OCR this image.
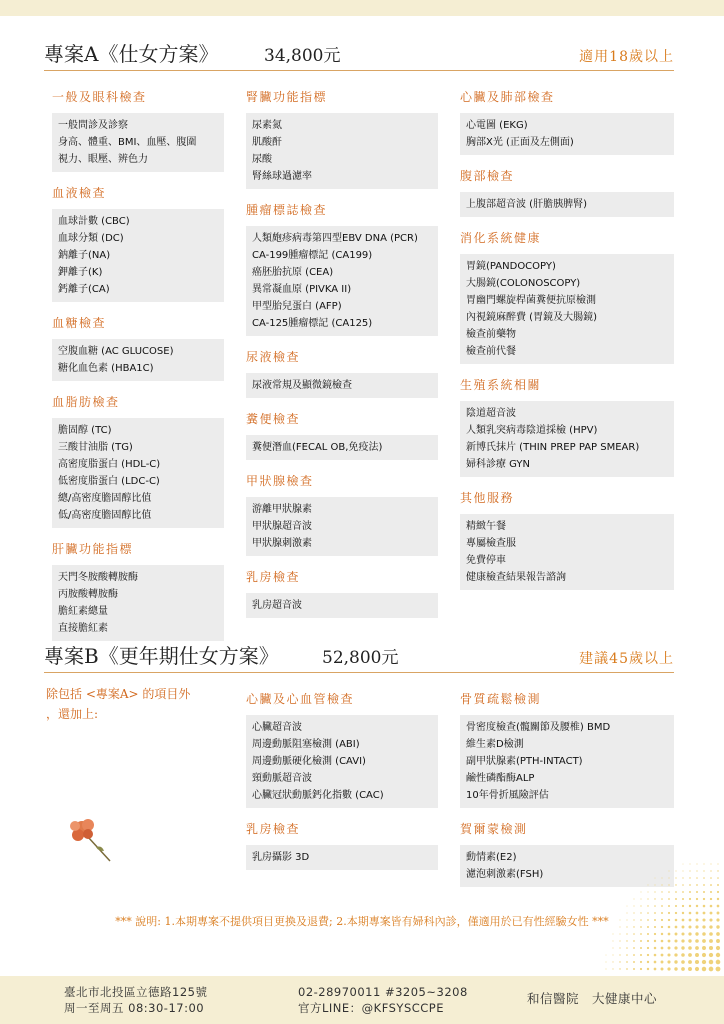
專案A《仕女方案》	34,800元	適用18歲以上
一般及眼科檢查
一般問診及診察
身高、體重、BMI、血壓、腹圍
視力、眼壓、辨色力
血液檢查
血球計數 (CBC)
血球分類 (DC)
鈉離子(NA)
鉀離子(K)
鈣離子(CA)
血糖檢查
空腹血糖 (AC GLUCOSE)
糖化血色素 (HBA1C)
血脂肪檢查
膽固醇 (TC)
三酸甘油脂 (TG)
高密度脂蛋白 (HDL-C)
低密度脂蛋白 (LDC-C)
總/高密度膽固醇比值
低/高密度膽固醇比值
肝臟功能指標
天門冬胺酸轉胺酶
丙胺酸轉胺酶
膽紅素總量
直接膽紅素
腎臟功能指標
尿素氮
肌酸酐
尿酸
腎絲球過濾率
腫瘤標誌檢查
人類皰疹病毒第四型EBV DNA (PCR)
CA-199腫瘤標記 (CA199)
癌胚胎抗原 (CEA)
異常凝血原 (PIVKA II)
甲型胎兒蛋白 (AFP)
CA-125腫瘤標記 (CA125)
尿液檢查
尿液常規及顯微鏡檢查
糞便檢查
糞便潛血(FECAL OB,免疫法)
甲狀腺檢查
游離甲狀腺素
甲狀腺超音波
甲狀腺刺激素
乳房檢查
乳房超音波
心臟及肺部檢查
心電圖 (EKG)
胸部X光 (正面及左側面)
腹部檢查
上腹部超音波 (肝膽胰脾腎)
消化系統健康
胃鏡(PANDOCOPY)
大腸鏡(COLONOSCOPY)
胃幽門螺旋桿菌糞便抗原檢測
內視鏡麻醉費 (胃鏡及大腸鏡)
檢查前藥物
檢查前代餐
生殖系統相關
陰道超音波
人類乳突病毒陰道採檢 (HPV)
新博氏抹片 (THIN PREP PAP SMEAR)
婦科診療 GYN
其他服務
精緻午餐
專屬檢查服
免費停車
健康檢查結果報告諮詢
專案B《更年期仕女方案》	52,800元	建議45歲以上
除包括 <專案A> 的項目外
，還加上:
心臟及心血管檢查
心臟超音波
周邊動脈阻塞檢測 (ABI)
周邊動脈硬化檢測 (CAVI)
頸動脈超音波
心臟冠狀動脈鈣化指數 (CAC)
乳房檢查
乳房攝影 3D
骨質疏鬆檢測
骨密度檢查(髖關節及腰椎) BMD
維生素D檢測
副甲狀腺素(PTH-INTACT)
鹼性磷酯酶ALP
10年骨折風險評估
賀爾蒙檢測
動情素(E2)
濾泡刺激素(FSH)
*** 說明: 1.本期專案不提供項目更換及退費; 2.本期專案皆有婦科內診，僅適用於已有性經驗女性 ***
臺北市北投區立德路125號
周一至周五 08:30-17:00
02-28970011 #3205~3208
官方LINE：@KFSYSCCPE
和信醫院　大健康中心
